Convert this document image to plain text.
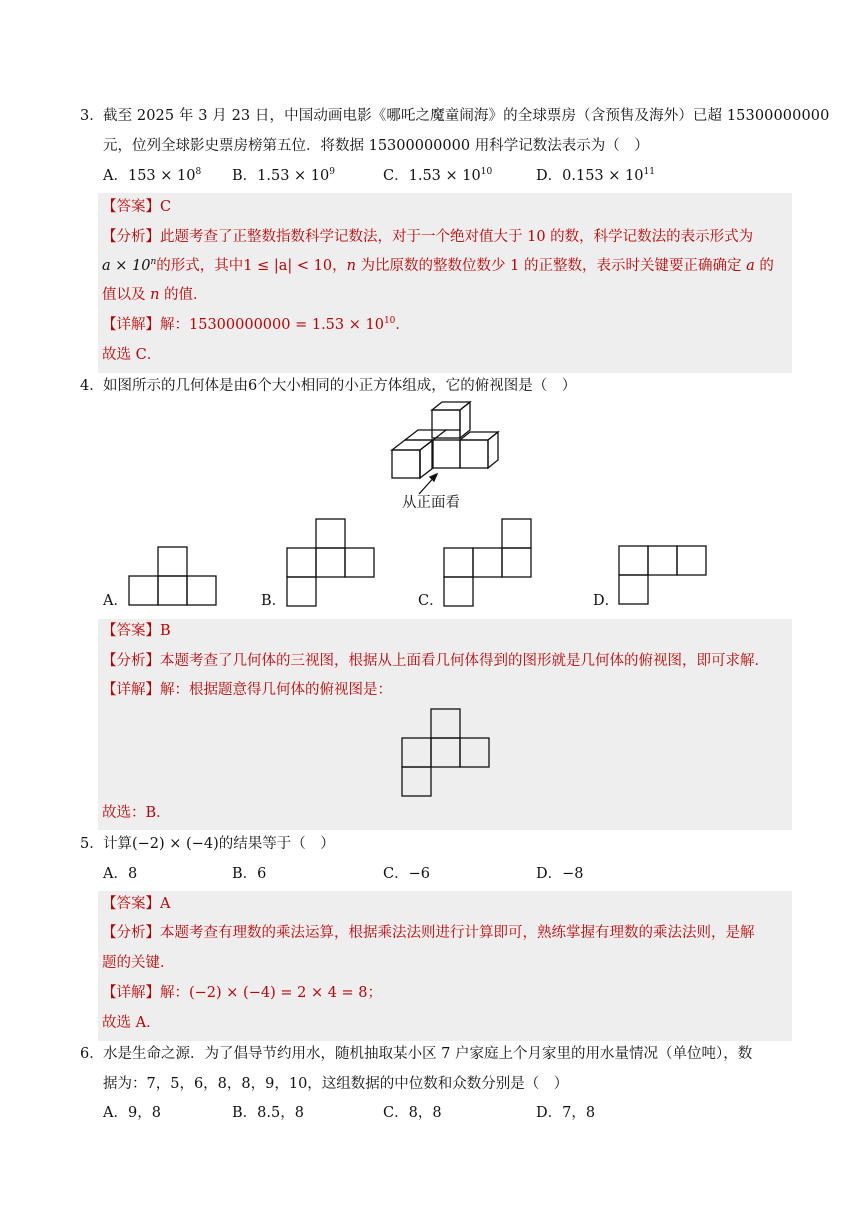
3． 截至 2025 年 3 月 23 日，中国动画电影《哪吒之魔童闹海》的全球票房（含预售及海外）已超 15300000000
元，位列全球影史票房榜第五位．将数据 15300000000 用科学记数法表示为（　）
A．$153 \times 10^8$ B．$1.53 \times 10^9$	C．$1.53 \times 10^{10}$	D．$0.153 \times 10^{11}$
【答案】C
【分析】此题考查了正整数指数科学记数法，对于一个绝对值大于 10 的数，科学记数法的表示形式为
$a \times 10^n$的形式，其中1 ≤ |a| < 10，n 为比原数的整数位数少 1 的正整数，表示时关键要正确确定 a 的
值以及 n 的值．
【详解】解：$15300000000 = 1.53 \times 10^{10}$．
故选 C．
4． 如图所示的几何体是由6个大小相同的小正方体组成，它的俯视图是（　）
从正面看
A．	B．	C．	D．
【答案】B
【分析】本题考查了几何体的三视图，根据从上面看几何体得到的图形就是几何体的俯视图，即可求解．
【详解】解：根据题意得几何体的俯视图是：
故选：B．
5． 计算(−2) × (−4)的结果等于（　）
A．8	B．6	C．−6	D．−8
【答案】A
【分析】本题考查有理数的乘法运算，根据乘法法则进行计算即可，熟练掌握有理数的乘法法则，是解
题的关键．
【详解】解：(−2) × (−4) = 2 × 4 = 8；
故选 A．
6． 水是生命之源．为了倡导节约用水，随机抽取某小区 7 户家庭上个月家里的用水量情况（单位吨），数
据为：7，5，6，8，8，9，10，这组数据的中位数和众数分别是（　）
A．9，8	B．8.5，8	C．8，8	D．7，8
